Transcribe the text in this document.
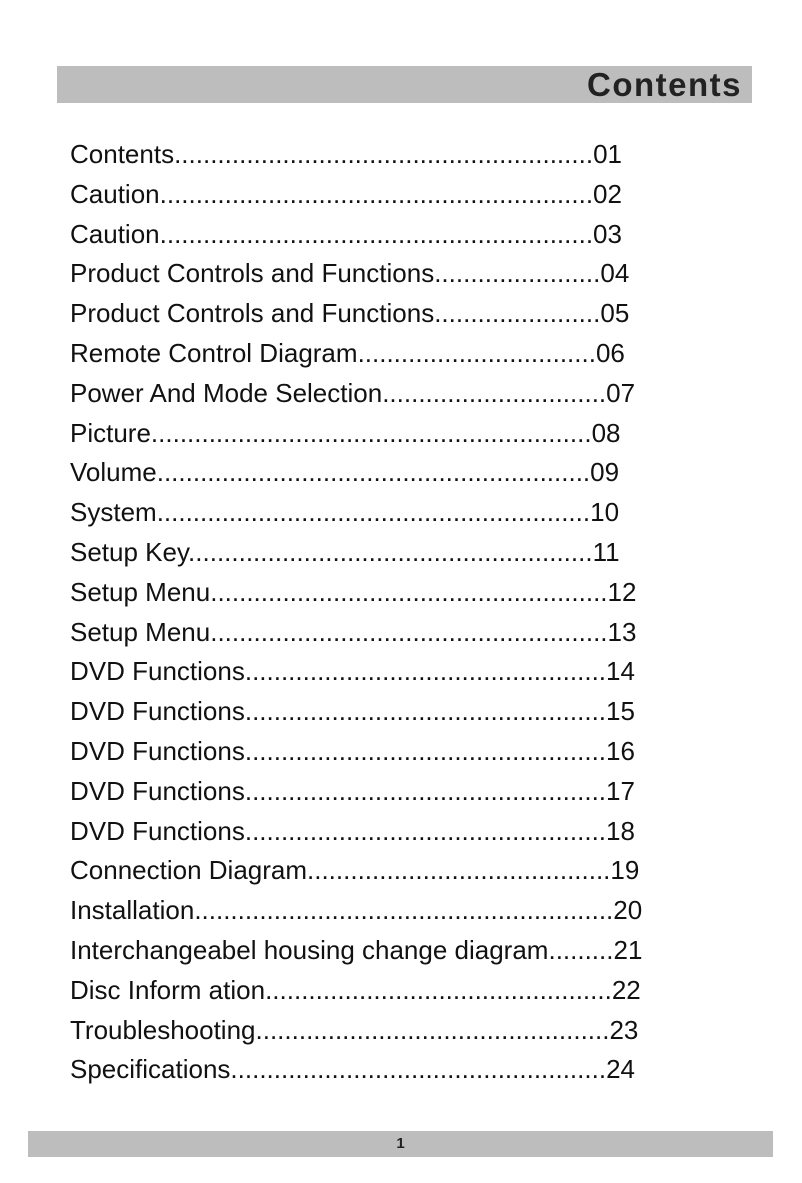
Contents
Contents..........................................................01
Caution............................................................02
Caution............................................................03
Product Controls and Functions.......................04
Product Controls and Functions.......................05
Remote Control Diagram.................................06
Power And Mode Selection...............................07
Picture.............................................................08
Volume............................................................09
System............................................................10
Setup Key........................................................11
Setup Menu.......................................................12
Setup Menu.......................................................13
DVD Functions..................................................14
DVD Functions..................................................15
DVD Functions..................................................16
DVD Functions..................................................17
DVD Functions..................................................18
Connection Diagram..........................................19
Installation..........................................................20
Interchangeabel housing change diagram.........21
Disc Inform ation................................................22
Troubleshooting.................................................23
Specifications....................................................24
1
